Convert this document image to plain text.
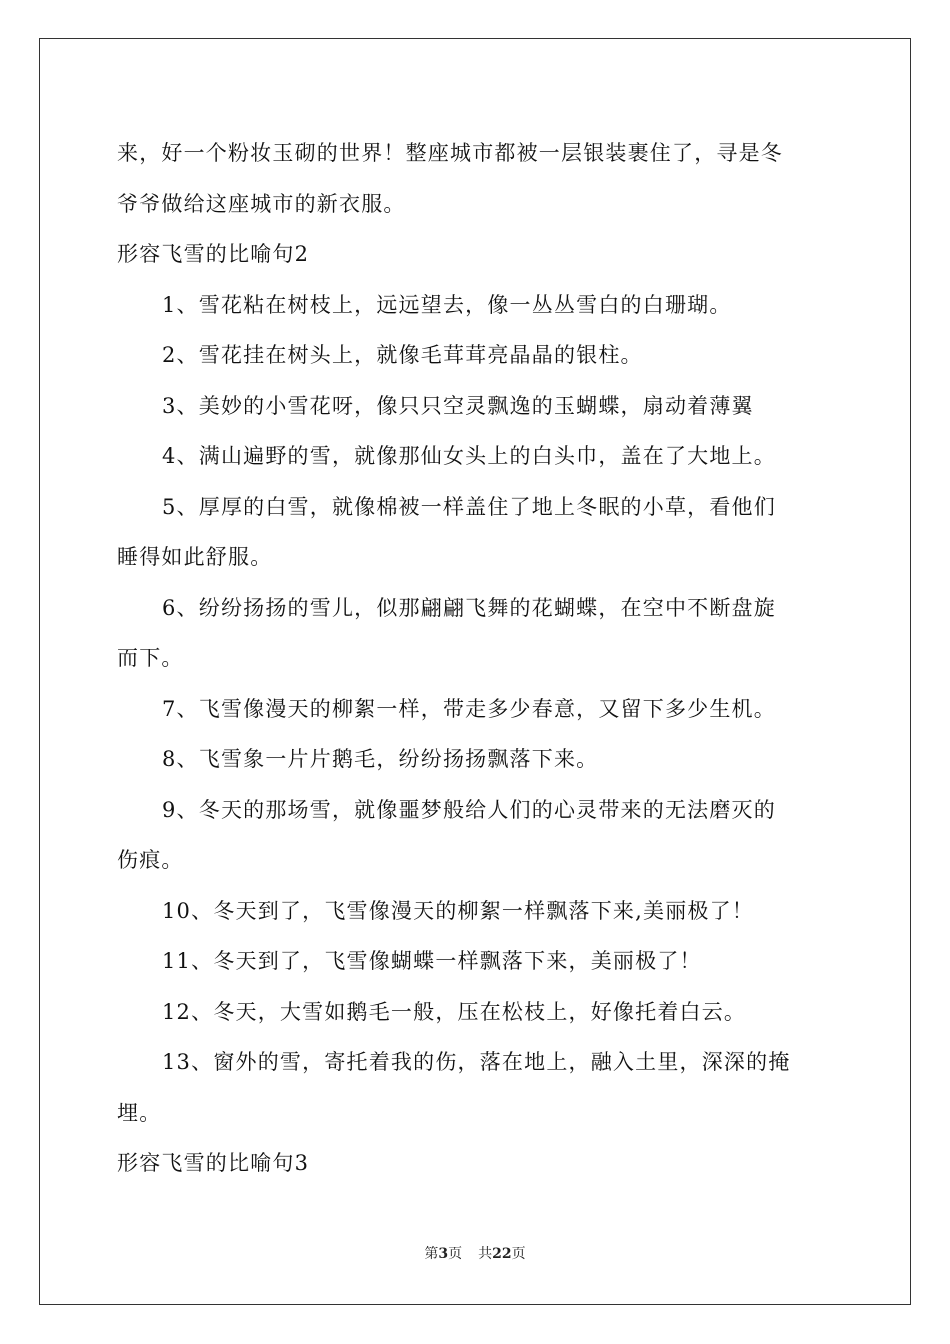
来，好一个粉妆玉砌的世界！整座城市都被一层银装裹住了，寻是冬
爷爷做给这座城市的新衣服。
形容飞雪的比喻句2
1、雪花粘在树枝上，远远望去，像一丛丛雪白的白珊瑚。
2、雪花挂在树头上，就像毛茸茸亮晶晶的银柱。
3、美妙的小雪花呀，像只只空灵飘逸的玉蝴蝶，扇动着薄翼
4、满山遍野的雪，就像那仙女头上的白头巾，盖在了大地上。
5、厚厚的白雪，就像棉被一样盖住了地上冬眠的小草，看他们
睡得如此舒服。
6、纷纷扬扬的雪儿，似那翩翩飞舞的花蝴蝶，在空中不断盘旋
而下。
7、飞雪像漫天的柳絮一样，带走多少春意，又留下多少生机。
8、飞雪象一片片鹅毛，纷纷扬扬飘落下来。
9、冬天的那场雪，就像噩梦般给人们的心灵带来的无法磨灭的
伤痕。
10、冬天到了，飞雪像漫天的柳絮一样飘落下来,美丽极了！
11、冬天到了，飞雪像蝴蝶一样飘落下来，美丽极了！
12、冬天，大雪如鹅毛一般，压在松枝上，好像托着白云。
13、窗外的雪，寄托着我的伤，落在地上，融入土里，深深的掩
埋。
形容飞雪的比喻句3
第3页 共22页
